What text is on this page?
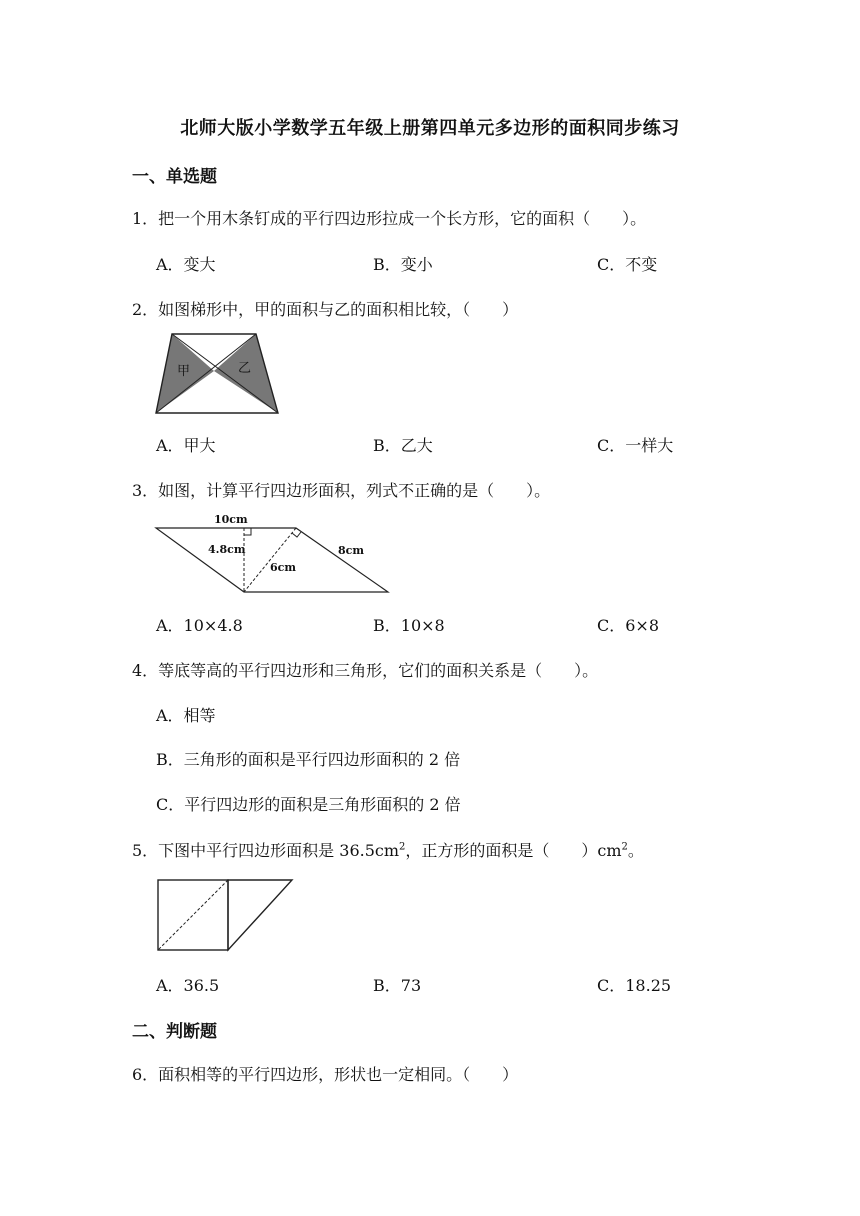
北师大版小学数学五年级上册第四单元多边形的面积同步练习
一、单选题
1．把一个用木条钉成的平行四边形拉成一个长方形，它的面积（　　）。
A．变大	B．变小	C．不变
2．如图梯形中，甲的面积与乙的面积相比较，（　　）
甲	乙
A．甲大	B．乙大	C．一样大
3．如图，计算平行四边形面积，列式不正确的是（　　）。
10cm
4.8cm	8cm
6cm
A．10×4.8	B．10×8	C．6×8
4．等底等高的平行四边形和三角形，它们的面积关系是（　　）。
A．相等
B．三角形的面积是平行四边形面积的 2 倍
C．平行四边形的面积是三角形面积的 2 倍
5．下图中平行四边形面积是 $36.5cm^2$，正方形的面积是（　　）$cm^2$。
A．36.5	B．73	C．18.25
二、判断题
6．面积相等的平行四边形，形状也一定相同。（　　）
